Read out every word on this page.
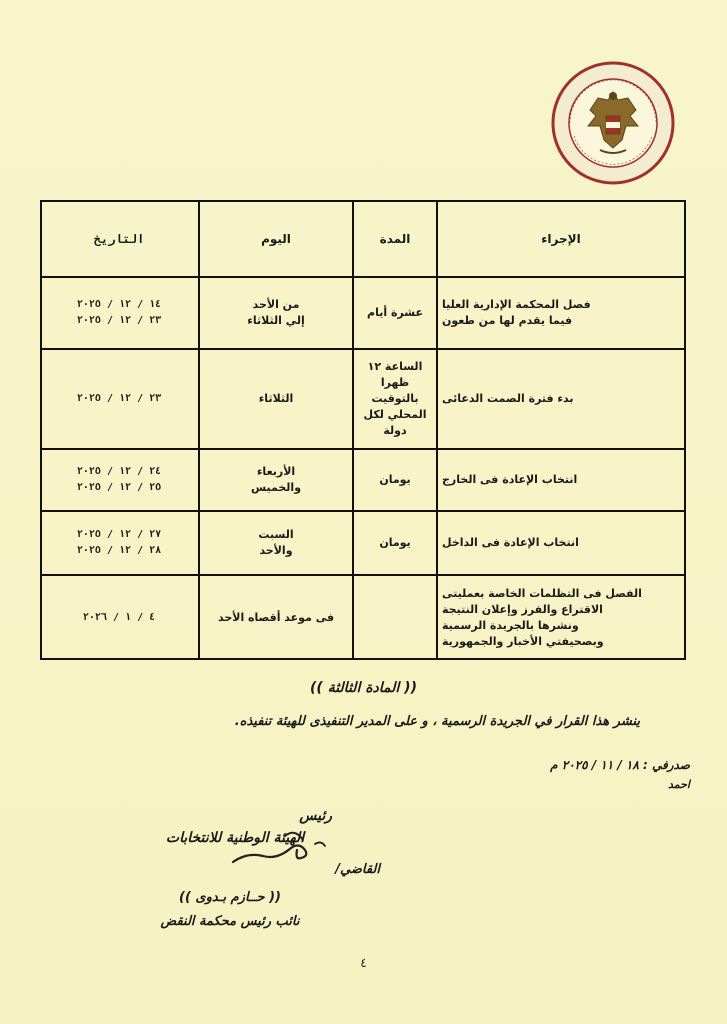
الإجراء
المدة
اليوم
التاريخ
فصل المحكمة الإدارية العليا
فيما يقدم لها من طعون
عشرة أيام
من الأحد
إلي الثلاثاء
١٤ / ١٢ / ٢٠٢٥
٢٣ / ١٢ / ٢٠٢٥
بدء فترة الصمت الدعائى
الساعة ١٢
ظهرا
بالتوقيت
المحلي لكل
دولة
الثلاثاء
٢٣ / ١٢ / ٢٠٢٥
انتخاب الإعادة فى الخارج
يومان
الأربعاء
والخميس
٢٤ / ١٢ / ٢٠٢٥
٢٥ / ١٢ / ٢٠٢٥
انتخاب الإعادة فى الداخل
يومان
السبت
والأحد
٢٧ / ١٢ / ٢٠٢٥
٢٨ / ١٢ / ٢٠٢٥
الفصل فى التظلمات الخاصة بعمليتى
الاقتراع والفرز وإعلان النتيجة
ونشرها بالجريدة الرسمية
وبصحيفتي الأخبار والجمهورية
فى موعد أقصاه الأحد
٤ / ١ / ٢٠٢٦
(( المادة الثالثة ))
ينشر هذا القرار في الجريدة الرسمية ، و على المدير التنفيذى للهيئة تنفيذه.
صدرفي : ١٨ / ١١ / ٢٠٢٥ م
احمد
رئيس
الهيئة الوطنية للانتخابات
القاضي/
(( حــازم بـدوى ))
نائب رئيس محكمة النقض
٤
